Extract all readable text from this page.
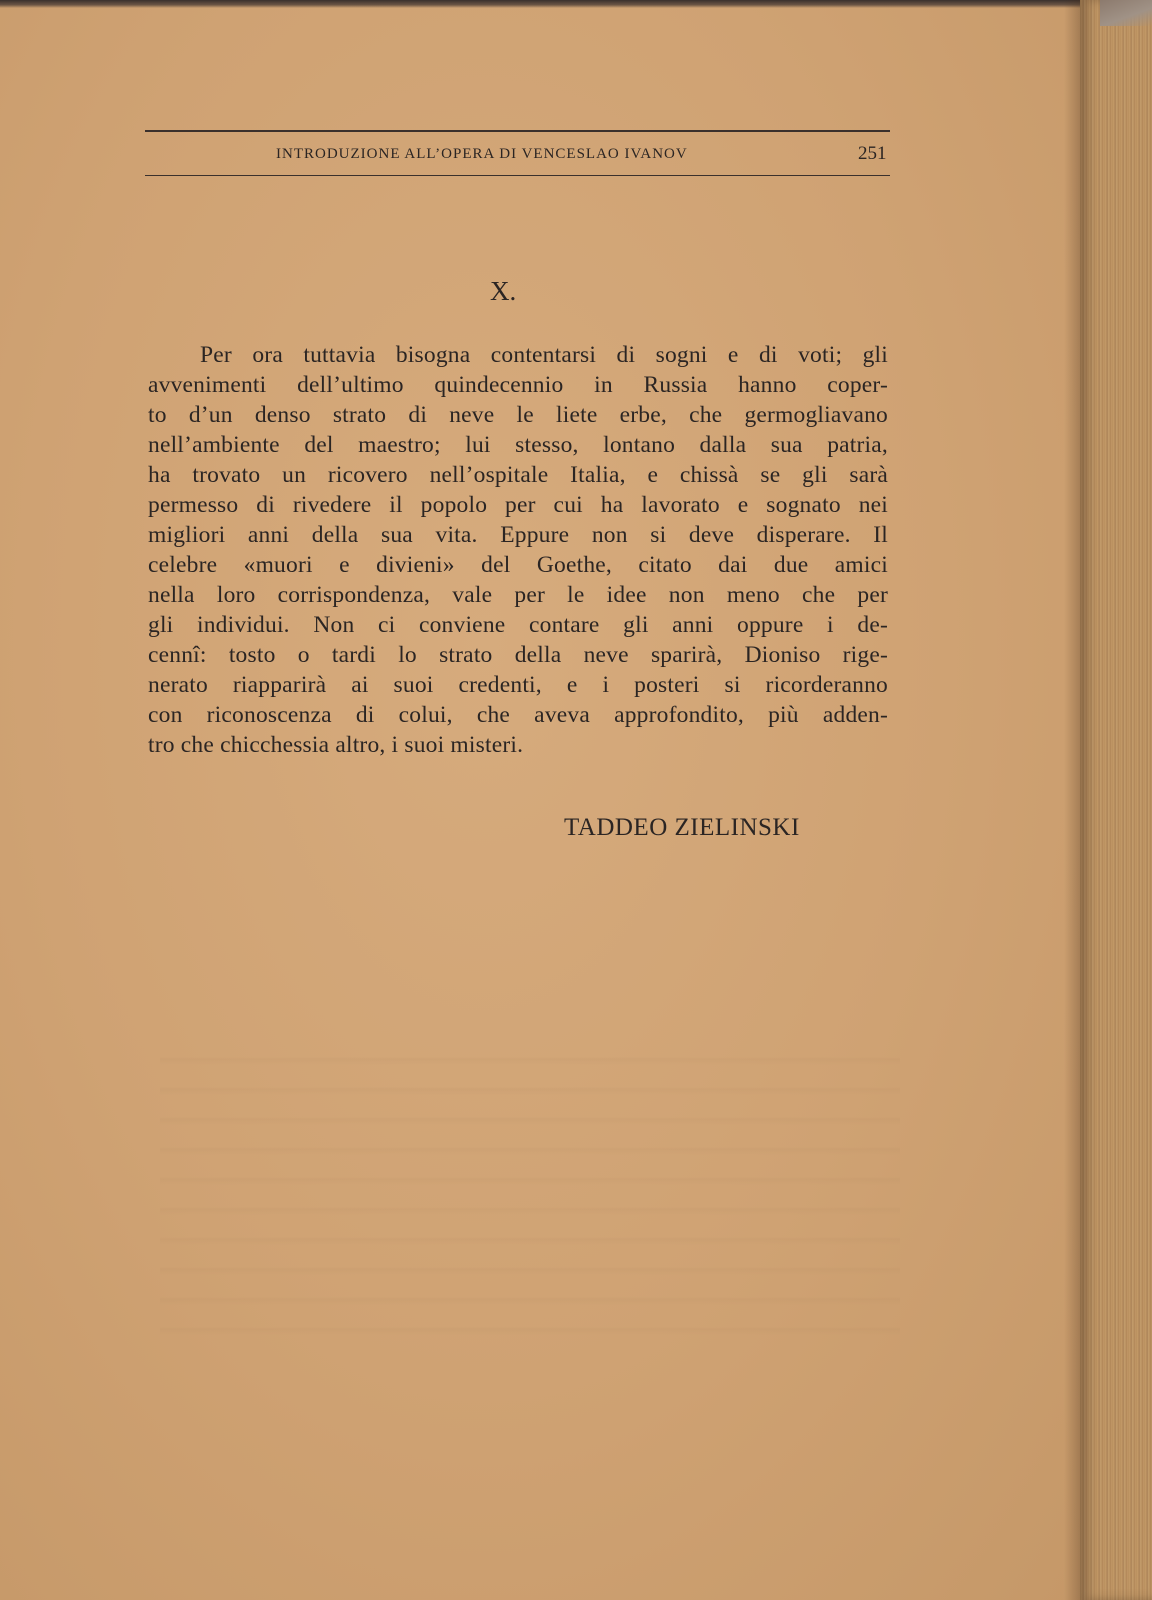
INTRODUZIONE ALL’OPERA DI VENCESLAO IVANOV	251
X.

Per ora tuttavia bisogna contentarsi di sogni e di voti; gli
avvenimenti dell’ultimo quindecennio in Russia hanno coper-
to d’un denso strato di neve le liete erbe, che germogliavano
nell’ambiente del maestro; lui stesso, lontano dalla sua patria,
ha trovato un ricovero nell’ospitale Italia, e chissà se gli sarà
permesso di rivedere il popolo per cui ha lavorato e sognato nei
migliori anni della sua vita. Eppure non si deve disperare. Il
celebre «muori e divieni» del Goethe, citato dai due amici
nella loro corrispondenza, vale per le idee non meno che per
gli individui. Non ci conviene contare gli anni oppure i de-
cennî: tosto o tardi lo strato della neve sparirà, Dioniso rige-
nerato riapparirà ai suoi credenti, e i posteri si ricorderanno
con riconoscenza di colui, che aveva approfondito, più adden-
tro che chicchessia altro, i suoi misteri.

TADDEO ZIELINSKI
